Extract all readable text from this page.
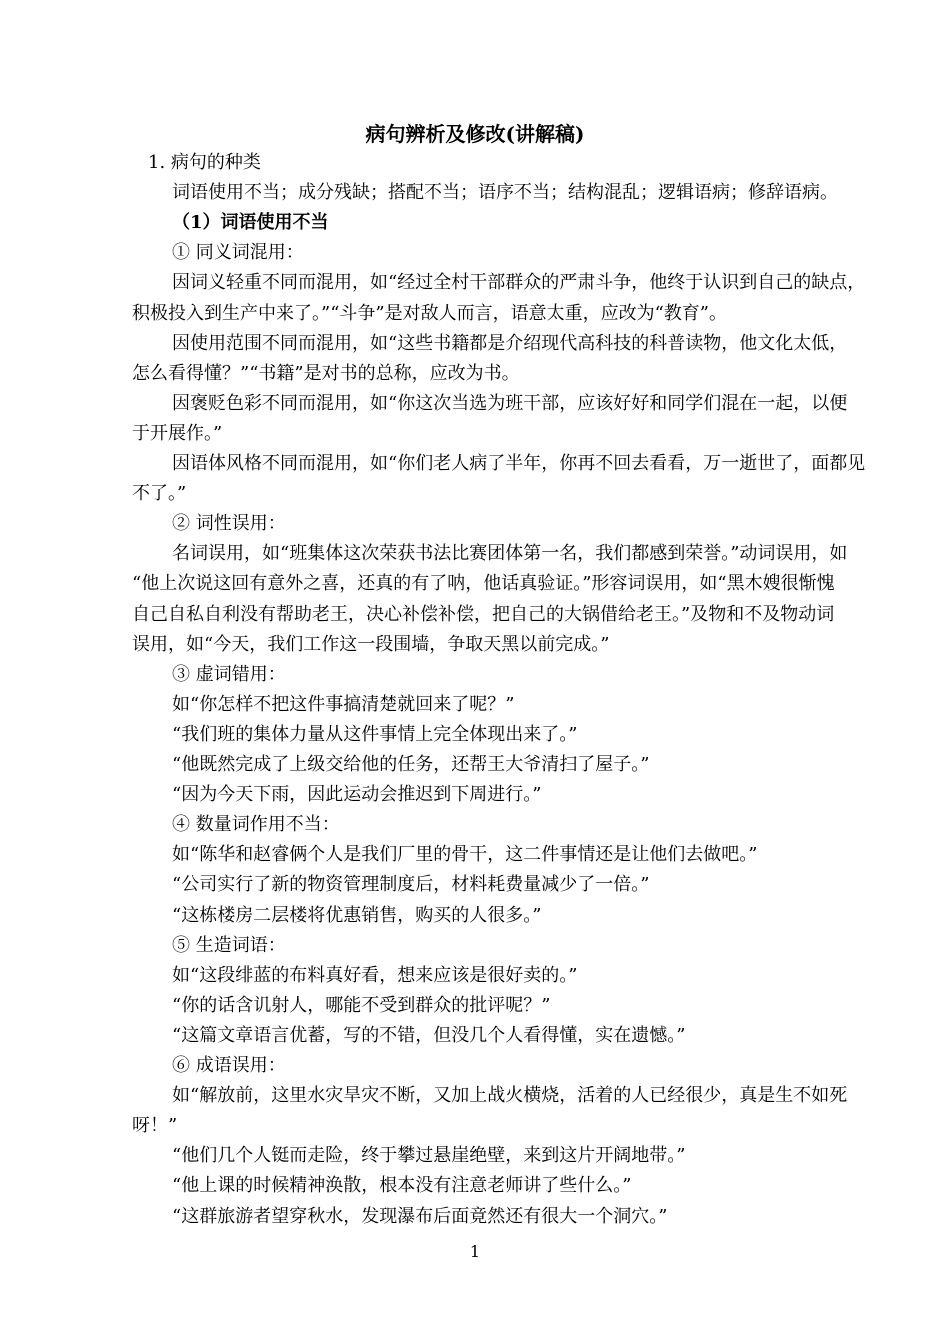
病句辨析及修改(讲解稿)
1. 病句的种类
词语使用不当；成分残缺；搭配不当；语序不当；结构混乱；逻辑语病；修辞语病。
（1）词语使用不当
① 同义词混用：
因词义轻重不同而混用，如“经过全村干部群众的严肃斗争，他终于认识到自己的缺点，
积极投入到生产中来了。”“斗争”是对敌人而言，语意太重，应改为“教育”。
因使用范围不同而混用，如“这些书籍都是介绍现代高科技的科普读物，他文化太低，
怎么看得懂？”“书籍”是对书的总称，应改为书。
因褒贬色彩不同而混用，如“你这次当选为班干部，应该好好和同学们混在一起，以便
于开展作。”
因语体风格不同而混用，如“你们老人病了半年，你再不回去看看，万一逝世了，面都见
不了。”
② 词性误用：
名词误用，如“班集体这次荣获书法比赛团体第一名，我们都感到荣誉。”动词误用，如
“他上次说这回有意外之喜，还真的有了呐，他话真验证。”形容词误用，如“黑木嫂很惭愧
自己自私自利没有帮助老王，决心补偿补偿，把自己的大锅借给老王。”及物和不及物动词
误用，如“今天，我们工作这一段围墙，争取天黑以前完成。”
③ 虚词错用：
如“你怎样不把这件事搞清楚就回来了呢？”
“我们班的集体力量从这件事情上完全体现出来了。”
“他既然完成了上级交给他的任务，还帮王大爷清扫了屋子。”
“因为今天下雨，因此运动会推迟到下周进行。”
④ 数量词作用不当：
如“陈华和赵睿俩个人是我们厂里的骨干，这二件事情还是让他们去做吧。”
“公司实行了新的物资管理制度后，材料耗费量减少了一倍。”
“这栋楼房二层楼将优惠销售，购买的人很多。”
⑤ 生造词语：
如“这段绯蓝的布料真好看，想来应该是很好卖的。”
“你的话含讥射人，哪能不受到群众的批评呢？”
“这篇文章语言优蓄，写的不错，但没几个人看得懂，实在遗憾。”
⑥ 成语误用：
如“解放前，这里水灾旱灾不断，又加上战火横烧，活着的人已经很少，真是生不如死
呀！”
“他们几个人铤而走险，终于攀过悬崖绝壁，来到这片开阔地带。”
“他上课的时候精神涣散，根本没有注意老师讲了些什么。”
“这群旅游者望穿秋水，发现瀑布后面竟然还有很大一个洞穴。”
1
